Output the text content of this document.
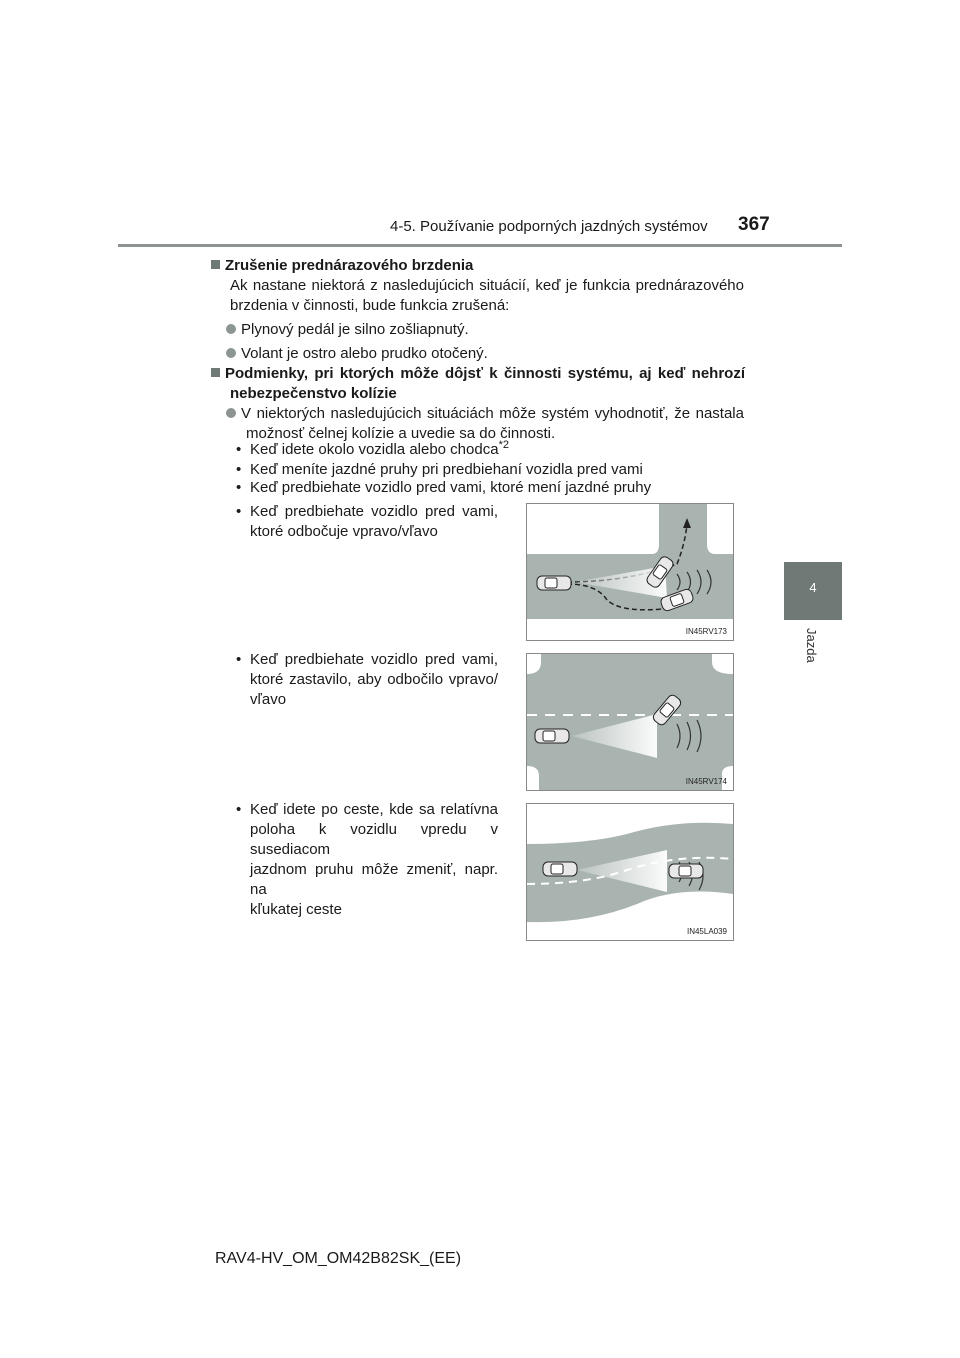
4-5. Používanie podporných jazdných systémov 367
4
Jazda
Zrušenie prednárazového brzdenia
Ak nastane niektorá z nasledujúcich situácií, keď je funkcia prednárazového
brzdenia v činnosti, bude funkcia zrušená:
Plynový pedál je silno zošliapnutý.
Volant je ostro alebo prudko otočený.
Podmienky, pri ktorých môže dôjsť k činnosti systému, aj keď nehrozí
nebezpečenstvo kolízie
V niektorých nasledujúcich situáciách môže systém vyhodnotiť, že nastala
možnosť čelnej kolízie a uvedie sa do činnosti.
• Keď idete okolo vozidla alebo chodca$^{*2}$
• Keď meníte jazdné pruhy pri predbiehaní vozidla pred vami
• Keď predbiehate vozidlo pred vami, ktoré mení jazdné pruhy
• Keď predbiehate vozidlo pred vami,
ktoré odbočuje vpravo/vľavo
• Keď predbiehate vozidlo pred vami,
ktoré zastavilo, aby odbočilo vpravo/
vľavo
• Keď idete po ceste, kde sa relatívna
poloha k vozidlu vpredu v susediacom
jazdnom pruhu môže zmeniť, napr. na
kľukatej ceste
IN45RV173
IN45RV174
IN45LA039
RAV4-HV_OM_OM42B82SK_(EE)
